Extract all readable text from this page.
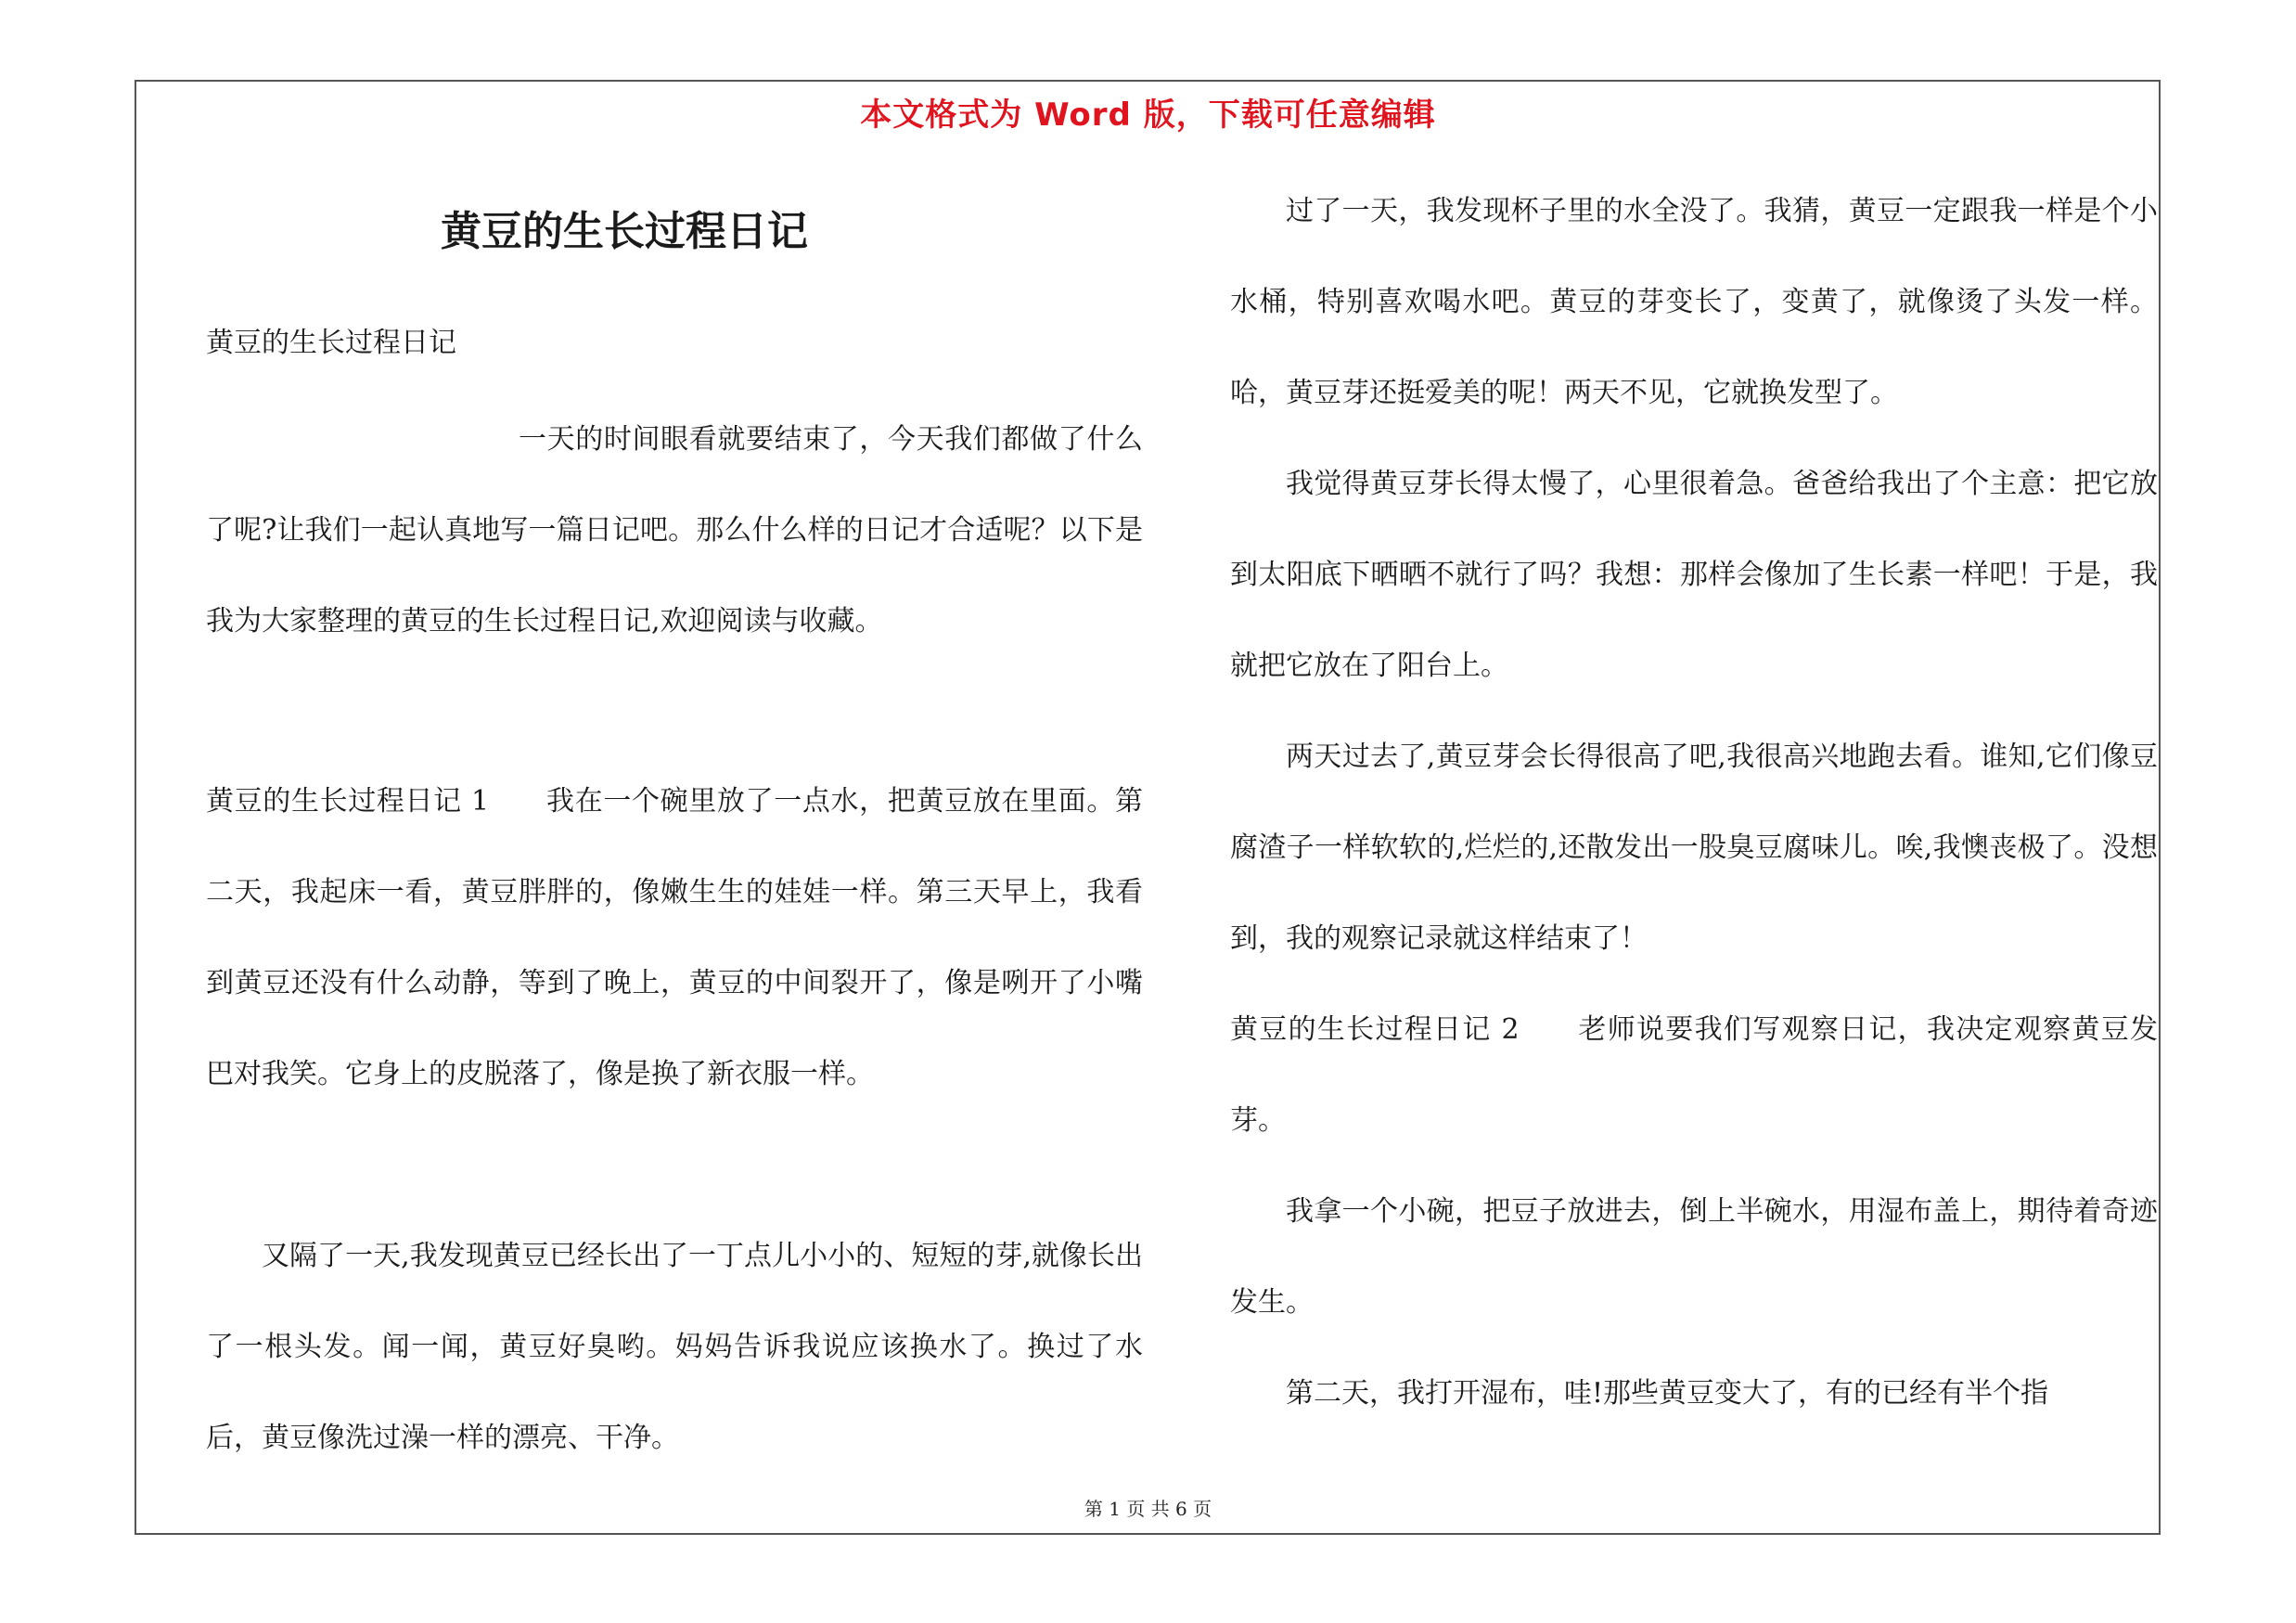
本文格式为 Word 版，下载可任意编辑
黄豆的生长过程日记
黄豆的生长过程日记
一天的时间眼看就要结束了，今天我们都做了什么了呢?让我们一起认真地写一篇日记吧。那么什么样的日记才合适呢？以下是我为大家整理的黄豆的生长过程日记,欢迎阅读与收藏。
黄豆的生长过程日记 1　　我在一个碗里放了一点水，把黄豆放在里面。第二天，我起床一看，黄豆胖胖的，像嫩生生的娃娃一样。第三天早上，我看到黄豆还没有什么动静，等到了晚上，黄豆的中间裂开了，像是咧开了小嘴巴对我笑。它身上的皮脱落了，像是换了新衣服一样。
又隔了一天,我发现黄豆已经长出了一丁点儿小小的、短短的芽,就像长出了一根头发。闻一闻，黄豆好臭哟。妈妈告诉我说应该换水了。换过了水后，黄豆像洗过澡一样的漂亮、干净。
过了一天，我发现杯子里的水全没了。我猜，黄豆一定跟我一样是个小水桶，特别喜欢喝水吧。黄豆的芽变长了，变黄了，就像烫了头发一样。哈，黄豆芽还挺爱美的呢！两天不见，它就换发型了。
我觉得黄豆芽长得太慢了，心里很着急。爸爸给我出了个主意：把它放到太阳底下晒晒不就行了吗？我想：那样会像加了生长素一样吧！于是，我就把它放在了阳台上。
两天过去了,黄豆芽会长得很高了吧,我很高兴地跑去看。谁知,它们像豆腐渣子一样软软的,烂烂的,还散发出一股臭豆腐味儿。唉,我懊丧极了。没想到，我的观察记录就这样结束了！
黄豆的生长过程日记 2　　老师说要我们写观察日记，我决定观察黄豆发芽。
我拿一个小碗，把豆子放进去，倒上半碗水，用湿布盖上，期待着奇迹发生。
第二天，我打开湿布，哇!那些黄豆变大了，有的已经有半个指
第 1 页 共 6 页
